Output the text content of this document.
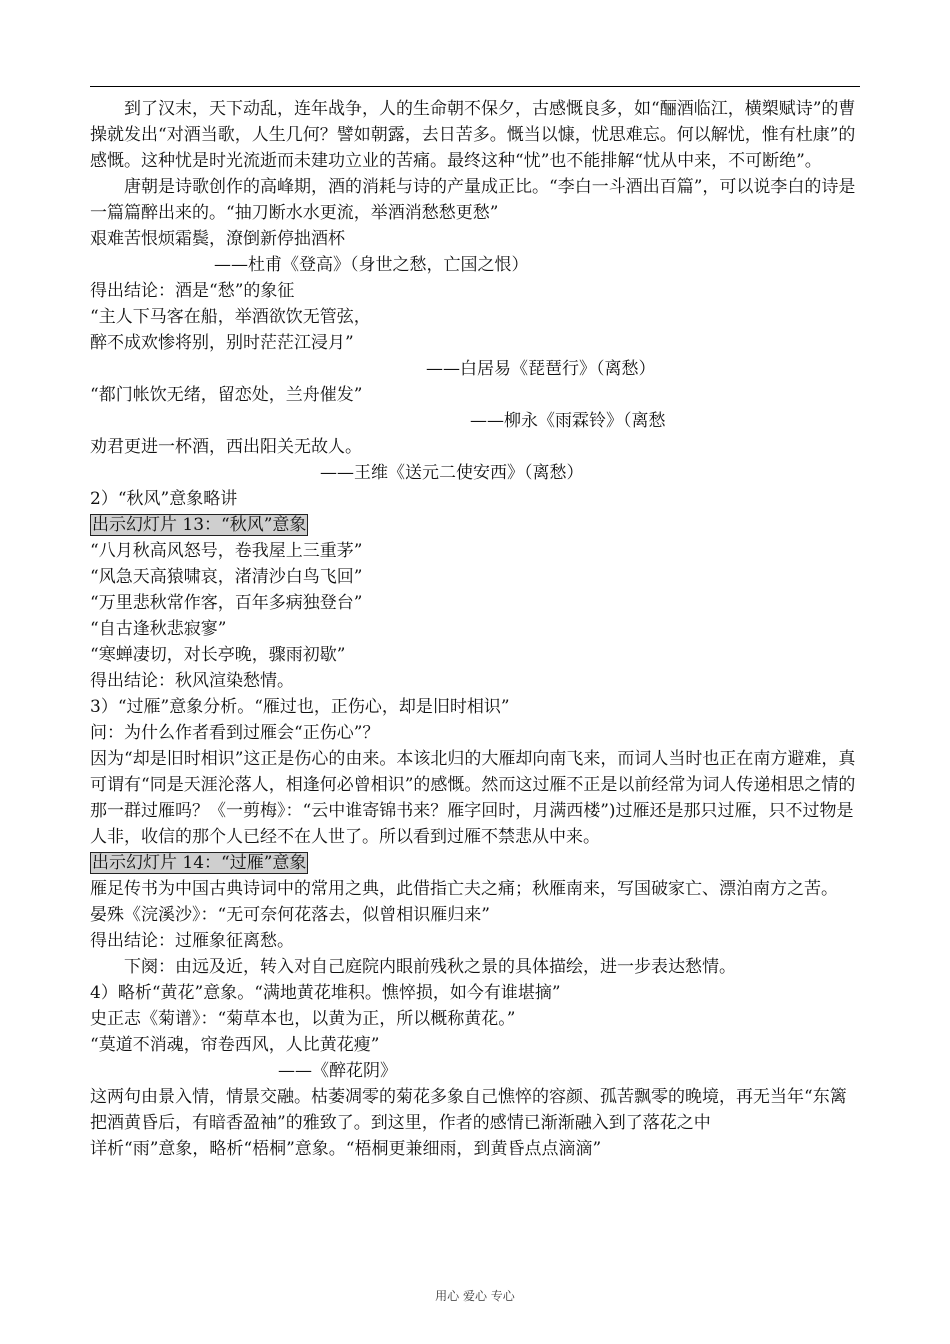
到了汉末，天下动乱，连年战争，人的生命朝不保夕，古感慨良多，如“酾酒临江，横槊赋诗”的曹操就发出“对酒当歌，人生几何？譬如朝露，去日苦多。慨当以慷，忧思难忘。何以解忧，惟有杜康”的感慨。这种忧是时光流逝而未建功立业的苦痛。最终这种“忧”也不能排解“忧从中来，不可断绝”。

唐朝是诗歌创作的高峰期，酒的消耗与诗的产量成正比。“李白一斗酒出百篇”，可以说李白的诗是一篇篇醉出来的。“抽刀断水水更流，举酒消愁愁更愁”

艰难苦恨烦霜鬓，潦倒新停拙酒杯

——杜甫《登高》（身世之愁，亡国之恨）

得出结论：酒是“愁”的象征

“主人下马客在船，举酒欲饮无管弦，

醉不成欢惨将别，别时茫茫江浸月”

——白居易《琵琶行》（离愁）

“都门帐饮无绪，留恋处，兰舟催发”

——柳永《雨霖铃》（离愁

劝君更进一杯酒，西出阳关无故人。

——王维《送元二使安西》（离愁）

2）“秋风”意象略讲

出示幻灯片 13：“秋风”意象

“八月秋高风怒号，卷我屋上三重茅”

“风急天高猿啸哀，渚清沙白鸟飞回”

“万里悲秋常作客，百年多病独登台”

“自古逢秋悲寂寥”

“寒蝉凄切，对长亭晚，骤雨初歇”

得出结论：秋风渲染愁情。

3）“过雁”意象分析。“雁过也，正伤心，却是旧时相识”

问：为什么作者看到过雁会“正伤心”？

因为“却是旧时相识”这正是伤心的由来。本该北归的大雁却向南飞来，而词人当时也正在南方避难，真可谓有“同是天涯沦落人，相逢何必曾相识”的感慨。然而这过雁不正是以前经常为词人传递相思之情的那一群过雁吗？《一剪梅》：“云中谁寄锦书来？雁字回时，月满西楼”)过雁还是那只过雁，只不过物是人非，收信的那个人已经不在人世了。所以看到过雁不禁悲从中来。

出示幻灯片 14：“过雁”意象

雁足传书为中国古典诗词中的常用之典，此借指亡夫之痛；秋雁南来，写国破家亡、漂泊南方之苦。

晏殊《浣溪沙》：“无可奈何花落去，似曾相识雁归来”

得出结论：过雁象征离愁。

下阕：由远及近，转入对自己庭院内眼前残秋之景的具体描绘，进一步表达愁情。

4）略析“黄花”意象。“满地黄花堆积。憔悴损，如今有谁堪摘”

史正志《菊谱》：“菊草本也，以黄为正，所以概称黄花。”

“莫道不消魂，帘卷西风，人比黄花瘦”

——《醉花阴》

这两句由景入情，情景交融。枯萎凋零的菊花多象自己憔悴的容颜、孤苦飘零的晚境，再无当年“东篱把酒黄昏后，有暗香盈袖”的雅致了。到这里，作者的感情已渐渐融入到了落花之中

详析“雨”意象，略析“梧桐”意象。“梧桐更兼细雨，到黄昏点点滴滴”

用心 爱心 专心
